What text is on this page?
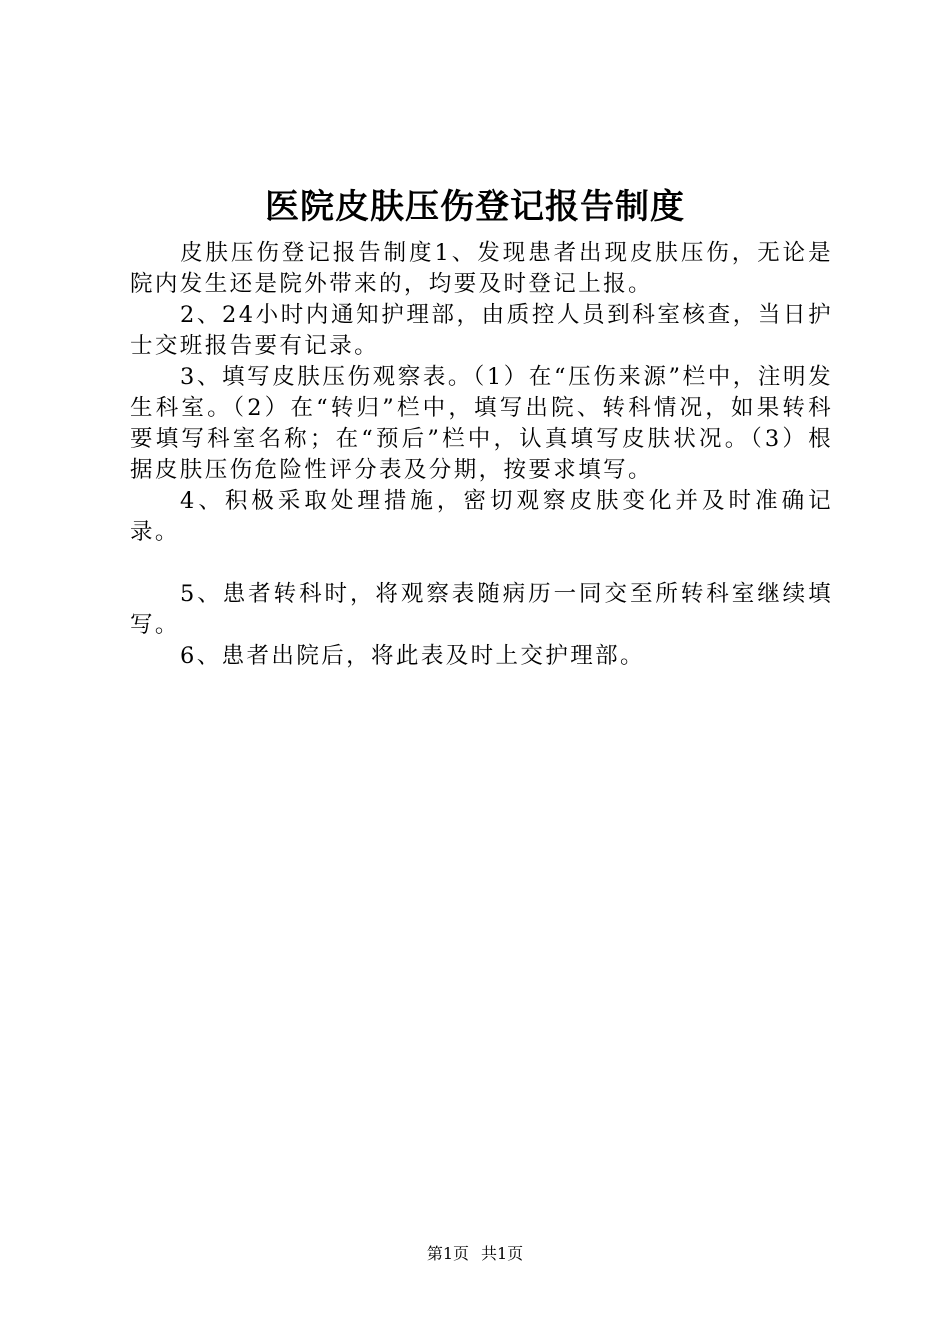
医院皮肤压伤登记报告制度

皮肤压伤登记报告制度1、发现患者出现皮肤压伤，无论是院内发生还是院外带来的，均要及时登记上报。

2、24小时内通知护理部，由质控人员到科室核查，当日护士交班报告要有记录。

3、填写皮肤压伤观察表。（1）在“压伤来源”栏中，注明发生科室。（2）在“转归”栏中，填写出院、转科情况，如果转科要填写科室名称；在“预后”栏中，认真填写皮肤状况。（3）根据皮肤压伤危险性评分表及分期，按要求填写。

4、积极采取处理措施，密切观察皮肤变化并及时准确记录。

5、患者转科时，将观察表随病历一同交至所转科室继续填写。

6、患者出院后，将此表及时上交护理部。

第1页 共1页
